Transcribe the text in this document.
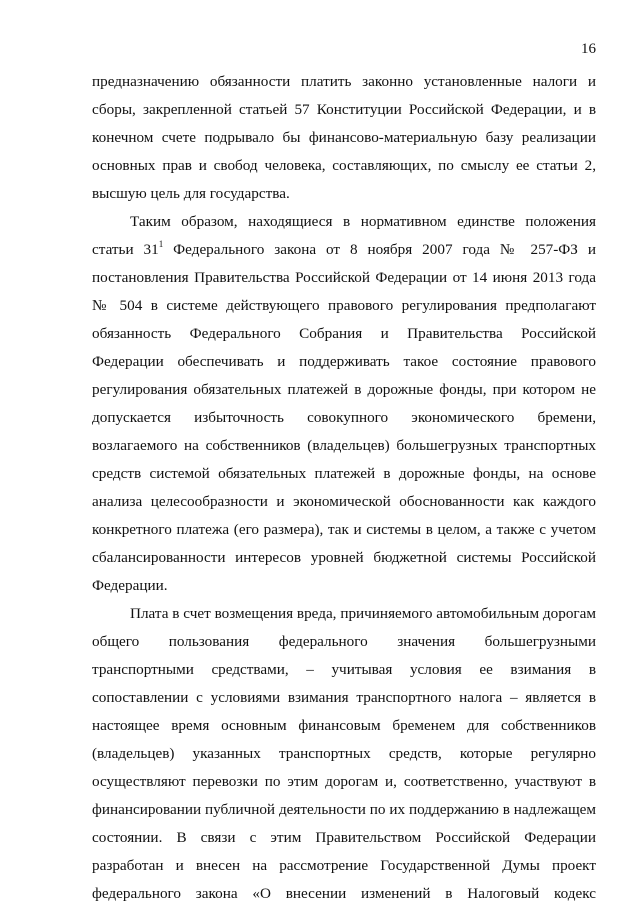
16
предназначению обязанности платить законно установленные налоги и
сборы, закрепленной статьей 57 Конституции Российской Федерации, и в
конечном счете подрывало бы финансово-материальную базу реализации
основных прав и свобод человека, составляющих, по смыслу ее статьи 2,
высшую цель для государства.
Таким образом, находящиеся в нормативном единстве положения
статьи $31^1$ Федерального закона от 8 ноября 2007 года № 257-ФЗ и
постановления Правительства Российской Федерации от 14 июня 2013 года
№ 504 в системе действующего правового регулирования предполагают
обязанность Федерального Собрания и Правительства Российской
Федерации обеспечивать и поддерживать такое состояние правового
регулирования обязательных платежей в дорожные фонды, при котором не
допускается избыточность совокупного экономического бремени,
возлагаемого на собственников (владельцев) большегрузных транспортных
средств системой обязательных платежей в дорожные фонды, на основе
анализа целесообразности и экономической обоснованности как каждого
конкретного платежа (его размера), так и системы в целом, а также с учетом
сбалансированности интересов уровней бюджетной системы Российской
Федерации.
Плата в счет возмещения вреда, причиняемого автомобильным дорогам
общего пользования федерального значения большегрузными
транспортными средствами, – учитывая условия ее взимания в
сопоставлении с условиями взимания транспортного налога – является в
настоящее время основным финансовым бременем для собственников
(владельцев) указанных транспортных средств, которые регулярно
осуществляют перевозки по этим дорогам и, соответственно, участвуют в
финансировании публичной деятельности по их поддержанию в надлежащем
состоянии. В связи с этим Правительством Российской Федерации
разработан и внесен на рассмотрение Государственной Думы проект
федерального закона «О внесении изменений в Налоговый кодекс
